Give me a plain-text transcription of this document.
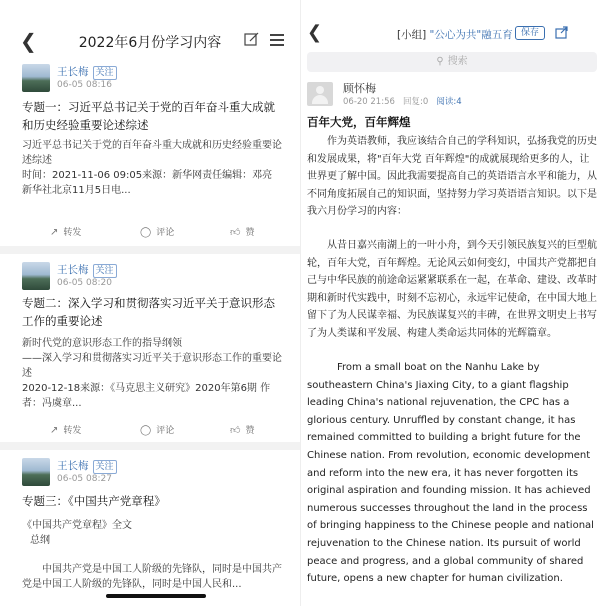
❮	2022年6月份学习内容
王长梅 关注
06-05 08:16
专题一：习近平总书记关于党的百年奋斗重大成就和历史经验重要论述综述
习近平总书记关于党的百年奋斗重大成就和历史经验重要论述综述
时间：2021-11-06 09:05来源：新华网责任编辑：邓亮
新华社北京11月5日电...
↗ 转发	◯ 评论	👍︎ 赞
王长梅 关注
06-05 08:20
专题二：深入学习和贯彻落实习近平关于意识形态工作的重要论述
新时代党的意识形态工作的指导纲领
——深入学习和贯彻落实习近平关于意识形态工作的重要论述
2020-12-18来源：《马克思主义研究》2020年第6期 作者：冯虞章...
↗ 转发	◯ 评论	👍︎ 赞
王长梅 关注
06-05 08:27
专题三：《中国共产党章程》
《中国共产党章程》全文
总纲
中国共产党是中国工人阶级的先锋队，同时是中国共产党是中国工人阶级的先锋队，同时是中国人民和...
❮	[小组] "公心为共"融五育 保存
⚲ 搜索
顾怀梅
06-20 21:56 回复:0 阅读:4
百年大党，百年辉煌
作为英语教师，我应该结合自己的学科知识，弘扬我党的历史和发展成果，将"百年大党 百年辉煌"的成就展现给更多的人，让世界更了解中国。因此我需要提高自己的英语语言水平和能力，从不同角度拓展自己的知识面，坚持努力学习英语语言知识。以下是我六月份学习的内容：
从昔日嘉兴南湖上的一叶小舟，到今天引领民族复兴的巨型航轮，百年大党，百年辉煌。无论风云如何变幻，中国共产党都把自己与中华民族的前途命运紧紧联系在一起，在革命、建设、改革时期和新时代实践中，时刻不忘初心，永远牢记使命，在中国大地上留下了为人民谋幸福、为民族谋复兴的丰碑，在世界文明史上书写了为人类谋和平发展、构建人类命运共同体的光辉篇章。
From a small boat on the Nanhu Lake by southeastern China's Jiaxing City, to a giant flagship leading China's national rejuvenation, the CPC has a glorious century. Unruffled by constant change, it has remained committed to building a bright future for the Chinese nation. From revolution, economic development and reform into the new era, it has never forgotten its original aspiration and founding mission. It has achieved numerous successes throughout the land in the process of bringing happiness to the Chinese people and national rejuvenation to the Chinese nation. Its pursuit of world peace and progress, and a global community of shared future, opens a new chapter for human civilization.
